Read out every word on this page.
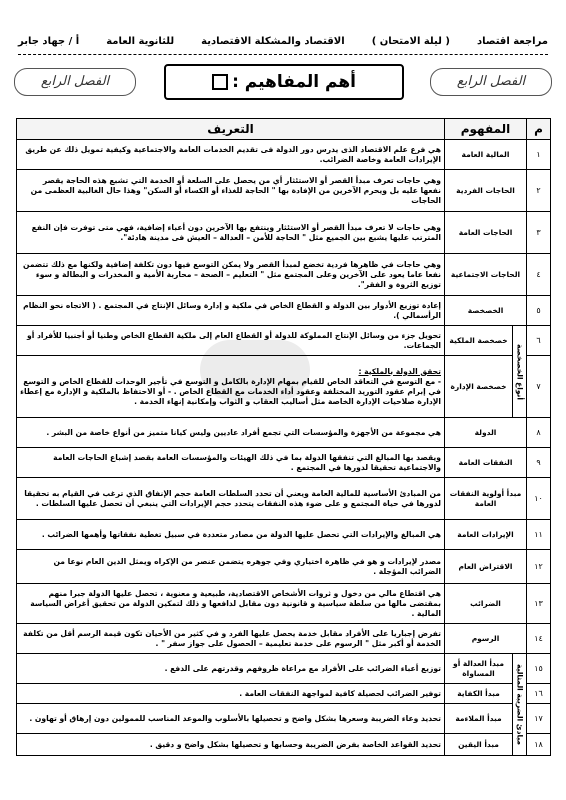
مراجعة اقتصاد
( ليلة الامتحان )
الاقتصاد والمشكلة الاقتصادية
للثانوية العامة
أ / جهاد جابر
الفصل الرابع
أهم المفاهيم :
الفصل الرابع
م	المفهوم		التعريف
١	المالية العامة		هي فرع علم الاقتصاد الذى يدرس دور الدولة فى تقديم الخدمات العامة والاجتماعية وكيفية تمويل ذلك عن طريق الإيرادات العامة وخاصة الضرائب.
٢	الحاجات الفردية		وهي حاجات تعرف مبدأ القصر أو الاستئثار أي من يحصل على السلعة أو الخدمة التي تشبع هذه الحاجة يقصر نفعها عليه بل ويحرم الآخرين من الإفادة بها " الحاجة للغذاء أو الكساء أو السكن" وهذا حال الغالبية العظمى من الحاجات
٣	الحاجات العامة		وهي حاجات لا تعرف مبدأ القصر أو الاستئثار وينتفع بها الآخرين دون أعباء إضافية، فهي متى توفرت فإن النفع المترتب عليها يشبع بين الجميع مثل " الحاجة للأمن – العدالة – العيش فى مدينة هادئة".
٤	الحاجات الاجتماعية		وهي حاجات في ظاهرها فردية تخضع لمبدأ القصر ولا يمكن التوسع فيها دون تكلفة إضافية ولكنها مع ذلك تتضمن نفعا عاما يعود على الآخرين وعلى المجتمع مثل " التعليم – الصحة – محاربة الأمية و المخدرات و البطالة و سوء توزيع الثروة و الفقر".
٥	الخصخصة		إعادة توزيع الأدوار بين الدولة و القطاع الخاص في ملكية و إدارة وسائل الإنتاج في المجتمع . ( الاتجاه نحو النظام الرأسمالي ).
٦	أنواع الخصخصة	خصخصة الملكية	تحويل جزء من وسائل الإنتاج المملوكة للدولة أو القطاع العام إلى ملكية القطاع الخاص وطنيا أو أجنبيا للأفراد أو الجماعات.
٧		خصخصة الإدارة	تحقق الدولة بالملكية :
- مع التوسع في التعاقد الخاص للقيام بمهام الإدارة بالكامل و التوسع في تأجير الوحدات للقطاع الخاص و التوسع في إبرام عقود التوريد المختلفة وعقود أداء الخدمات مع القطاع الخاص . - أو الاحتفاظ بالملكية و الإدارة مع إعطاء الإدارة صلاحيات الإدارة الخاصة مثل أساليب العقاب و الثواب وإمكانية إنهاء الخدمة .

٨	الدولة		هي مجموعة من الأجهزة والمؤسسات التي تجمع أفراد عاديين وليس كيانا متميز من أنواع خاصة من البشر .
٩	النفقات العامة		ويقصد بها المبالغ التي تنفقها الدولة بما في ذلك الهيئات والمؤسسات العامة بقصد إشباع الحاجات العامة والاجتماعية تحقيقا لدورها في المجتمع .
١٠	مبدأ أولوية النفقات العامة		من المبادئ الأساسية للمالية العامة ويعني أن تحدد السلطات العامة حجم الإنفاق الذي ترغب في القيام به تحقيقا لدورها في حياة المجتمع و على ضوء هذه النفقات يتحدد حجم الإيرادات التي ينبغي أن تحصل عليها السلطات .
١١	الإيرادات العامة		هي المبالغ والإيرادات التي تحصل عليها الدولة من مصادر متعددة في سبيل تغطية نفقاتها وأهمها الضرائب .
١٢	الاقتراض العام		مصدر لإيرادات و هو في ظاهرة اختياري وفي جوهره يتضمن عنصر من الإكراه ويمثل الدين العام نوعا من الضرائب المؤجلة .
١٣	الضرائب		هي اقتطاع مالي من دخول و ثروات الأشخاص الاقتصادية، طبيعية و معنوية ، تحصل عليها الدولة جبرا منهم بمقتضى مالها من سلطة سياسية و قانونية دون مقابل لدافعها و ذلك لتمكين الدولة من تحقيق أغراض السياسة المالية .
١٤	الرسوم		تفرض إجباريا على الأفراد مقابل خدمة يحصل عليها الفرد و في كثير من الأحيان تكون قيمة الرسم أقل من تكلفة الخدمة أو أكبر مثل " الرسوم على خدمة تعليمية – الحصول على جواز سفر " .
١٥	مبادئ الضريبة المثالية	مبدأ العدالة أو المساواة	توزيع أعباء الضرائب على الأفراد مع مراعاة ظروفهم وقدرتهم على الدفع .
١٦		مبدأ الكفاية	توفير الضرائب لحصيلة كافية لمواجهة النفقات العامة .
١٧		مبدأ الملاءمة	تحديد وعاء الضريبة وسعرها بشكل واضح و تحصيلها بالأسلوب والموعد المناسب للممولين دون إرهاق أو تهاون .
١٨		مبدأ اليقين	تحديد القواعد الخاصة بفرض الضريبة وحسابها و تحصيلها بشكل واضح و دقيق .
